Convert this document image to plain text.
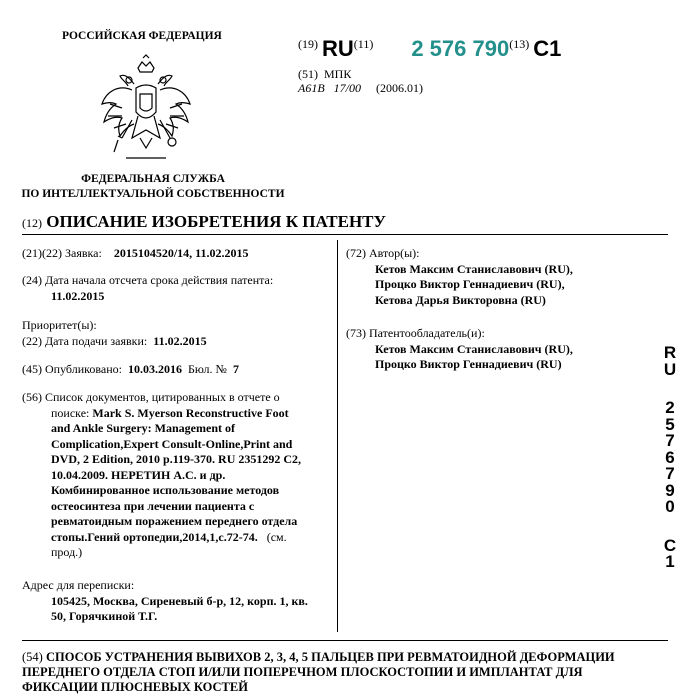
РОССИЙСКАЯ ФЕДЕРАЦИЯ
ФЕДЕРАЛЬНАЯ СЛУЖБА
ПО ИНТЕЛЛЕКТУАЛЬНОЙ СОБСТВЕННОСТИ
$^{(19)}$ RU$^{(11)}$ 2 576 790$^{(13)}$ C1
(51) МПК
A61B 17/00 (2006.01)
(12) ОПИСАНИЕ ИЗОБРЕТЕНИЯ К ПАТЕНТУ
(21)(22) Заявка: 2015104520/14, 11.02.2015
(24) Дата начала отсчета срока действия патента:
11.02.2015
Приоритет(ы):
(22) Дата подачи заявки: 11.02.2015
(45) Опубликовано: 10.03.2016 Бюл. № 7
(56) Список документов, цитированных в отчете о
поиске: Mark S. Myerson Reconstructive Foot
and Ankle Surgery: Management of
Complication,Expert Consult-Online,Print and
DVD, 2 Edition, 2010 p.119-370. RU 2351292 C2,
10.04.2009. НЕРЕТИН А.С. и др.
Комбинированное использование методов
остеосинтеза при лечении пациента с
ревматоидным поражением переднего отдела
стопы.Гений ортопедии,2014,1,с.72-74. (см.
прод.)
Адрес для переписки:
105425, Москва, Сиреневый б-р, 12, корп. 1, кв.
50, Горячкиной Т.Г.
(72) Автор(ы):
Кетов Максим Станиславович (RU),
Процко Виктор Геннадиевич (RU),
Кетова Дарья Викторовна (RU)
(73) Патентообладатель(и):
Кетов Максим Станиславович (RU),
Процко Виктор Геннадиевич (RU)
R
U
2
5
7
6
7
9
0
C
1
(54) СПОСОБ УСТРАНЕНИЯ ВЫВИХОВ 2, 3, 4, 5 ПАЛЬЦЕВ ПРИ РЕВМАТОИДНОЙ ДЕФОРМАЦИИ
ПЕРЕДНЕГО ОТДЕЛА СТОП И/ИЛИ ПОПЕРЕЧНОМ ПЛОСКОСТОПИИ И ИМПЛАНТАТ ДЛЯ
ФИКСАЦИИ ПЛЮСНЕВЫХ КОСТЕЙ
